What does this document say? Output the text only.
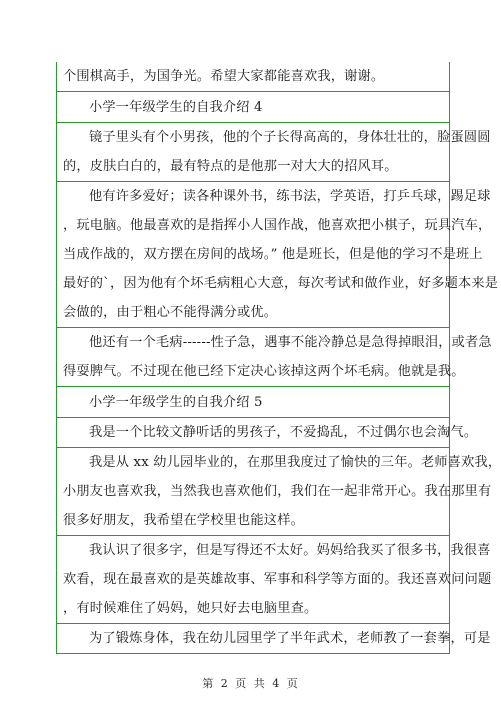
个围棋高手，为国争光。希望大家都能喜欢我，谢谢。
小学一年级学生的自我介绍 4
镜子里头有个小男孩，他的个子长得高高的，身体壮壮的，脸蛋圆圆
的，皮肤白白的，最有特点的是他那一对大大的招风耳。
他有许多爱好；读各种课外书，练书法，学英语，打乒乓球，踢足球
，玩电脑。他最喜欢的是指挥小人国作战，他喜欢把小棋子，玩具汽车，
当成作战的，双方摆在房间的战场。” 他是班长，但是他的学习不是班上
最好的`，因为他有个坏毛病粗心大意，每次考试和做作业，好多题本来是
会做的，由于粗心不能得满分或优。
他还有一个毛病------性子急，遇事不能冷静总是急得掉眼泪，或者急
得耍脾气。不过现在他已经下定决心该掉这两个坏毛病。他就是我。
小学一年级学生的自我介绍 5
我是一个比较文静听话的男孩子，不爱捣乱，不过偶尔也会淘气。
我是从 xx 幼儿园毕业的，在那里我度过了愉快的三年。老师喜欢我，
小朋友也喜欢我，当然我也喜欢他们，我们在一起非常开心。我在那里有
很多好朋友，我希望在学校里也能这样。
我认识了很多字，但是写得还不太好。妈妈给我买了很多书，我很喜
欢看，现在最喜欢的是英雄故事、军事和科学等方面的。我还喜欢问问题
，有时候难住了妈妈，她只好去电脑里查。
为了锻炼身体，我在幼儿园里学了半年武术，老师教了一套拳，可是
第 2 页 共 4 页
